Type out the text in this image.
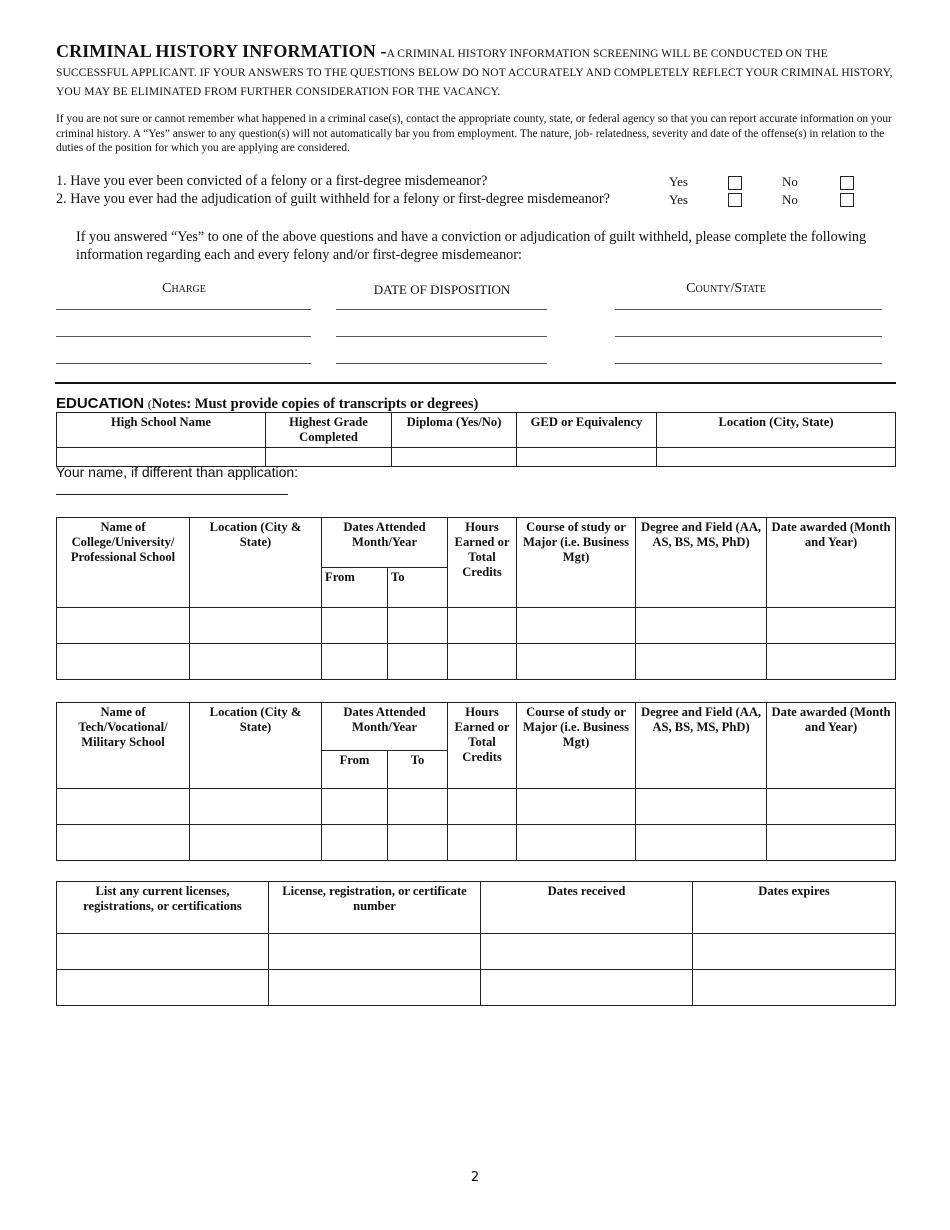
CRIMINAL HISTORY INFORMATION -A CRIMINAL HISTORY INFORMATION SCREENING WILL BE CONDUCTED ON THE SUCCESSFUL APPLICANT. IF YOUR ANSWERS TO THE QUESTIONS BELOW DO NOT ACCURATELY AND COMPLETELY REFLECT YOUR CRIMINAL HISTORY, YOU MAY BE ELIMINATED FROM FURTHER CONSIDERATION FOR THE VACANCY.
If you are not sure or cannot remember what happened in a criminal case(s), contact the appropriate county, state, or federal agency so that you can report accurate information on your criminal history. A “Yes” answer to any question(s) will not automatically bar you from employment. The nature, job- relatedness, severity and date of the offense(s) in relation to the duties of the position for which you are applying are considered.
1. Have you ever been convicted of a felony or a first-degree misdemeanor?	Yes	No
2. Have you ever had the adjudication of guilt withheld for a felony or first-degree misdemeanor?	Yes	No
If you answered “Yes” to one of the above questions and have a conviction or adjudication of guilt withheld, please complete the following information regarding each and every felony and/or first-degree misdemeanor:
Charge	DATE OF DISPOSITION	County/State
EDUCATION (Notes: Must provide copies of transcripts or degrees)
High School Name	Highest Grade Completed	Diploma (Yes/No)	GED or Equivalency	Location (City, State)

Your name, if different than application:
Name of College/University/ Professional School	Location (City & State)	Dates Attended Month/Year		Hours Earned or Total Credits	Course of study or Major (i.e. Business Mgt)	Degree and Field (AA, AS, BS, MS, PhD)	Date awarded (Month and Year)
		From	To				

Name of Tech/Vocational/ Military School	Location (City & State)	Dates Attended Month/Year		Hours Earned or Total Credits	Course of study or Major (i.e. Business Mgt)	Degree and Field (AA, AS, BS, MS, PhD)	Date awarded (Month and Year)
		From	To				

List any current licenses, registrations, or certifications	License, registration, or certificate number	Dates received	Dates expires

2
